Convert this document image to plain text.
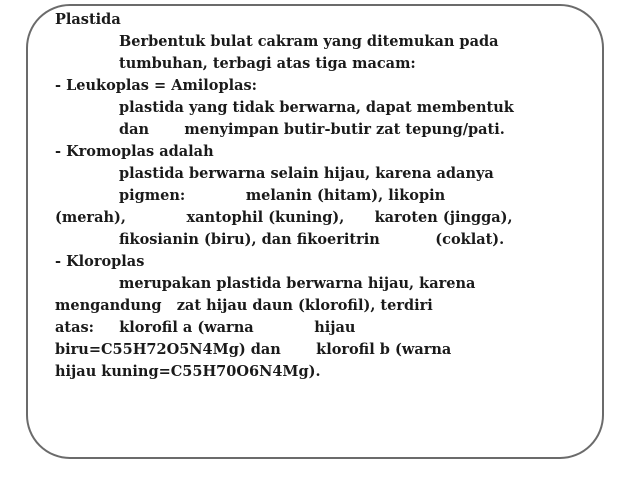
Plastida
Berbentuk bulat cakram yang ditemukan pada
tumbuhan, terbagi atas tiga macam:
- Leukoplas = Amiloplas:
plastida yang tidak berwarna, dapat membentuk
dan       menyimpan butir-butir zat tepung/pati.
- Kromoplas adalah
plastida berwarna selain hijau, karena adanya
pigmen:            melanin (hitam), likopin
(merah),            xantophil (kuning),      karoten (jingga),
fikosianin (biru), dan fikoeritrin           (coklat).
- Kloroplas
merupakan plastida berwarna hijau, karena
mengandung   zat hijau daun (klorofil), terdiri
atas:     klorofil a (warna            hijau
biru=C55H72O5N4Mg) dan       klorofil b (warna
hijau kuning=C55H70O6N4Mg).
